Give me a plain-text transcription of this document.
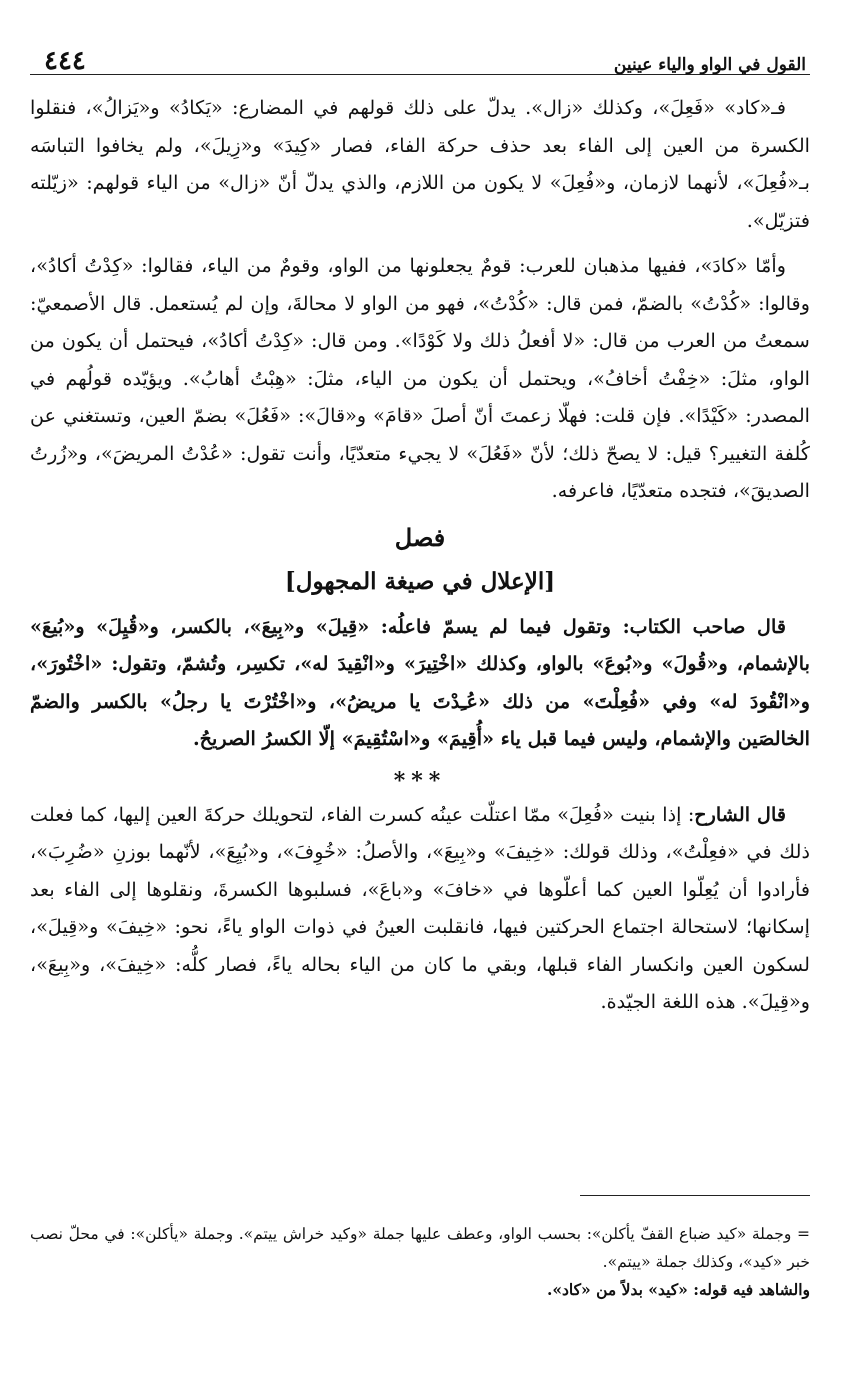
القول في الواو والياء عينين
٤٤٤

فـ«كاد» «فَعِلَ»، وكذلك «زال». يدلّ على ذلك قولهم في المضارع: «يَكادُ» و«يَزالُ»، فنقلوا الكسرة من العين إلى الفاء بعد حذف حركة الفاء، فصار «كِيدَ» و«زِيلَ»، ولم يخافوا التباسَه بـ«فُعِلَ»، لأنهما لازمان، و«فُعِلَ» لا يكون من اللازم، والذي يدلّ أنّ «زال» من الياء قولهم: «زيّلته فتزيّل».

وأمّا «كادَ»، ففيها مذهبان للعرب: قومٌ يجعلونها من الواو، وقومٌ من الياء، فقالوا: «كِدْتُ أكادُ»، وقالوا: «كُدْتُ» بالضمّ، فمن قال: «كُدْتُ»، فهو من الواو لا محالةَ، وإن لم يُستعمل. قال الأصمعيّ: سمعتُ من العرب من قال: «لا أفعلُ ذلك ولا كَوْدًا». ومن قال: «كِدْتُ أكادُ»، فيحتمل أن يكون من الواو، مثلَ: «خِفْتُ أخافُ»، ويحتمل أن يكون من الياء، مثلَ: «هِبْتُ أهابُ». ويؤيّده قولُهم في المصدر: «كَيْدًا». فإن قلت: فهلّا زعمتَ أنّ أصلَ «قامَ» و«قالَ»: «فَعُلَ» بضمّ العين، وتستغني عن كُلفة التغيير؟ قيل: لا يصحّ ذلك؛ لأنّ «فَعُلَ» لا يجيء متعدّيًا، وأنت تقول: «عُدْتُ المريضَ»، و«زُرتُ الصديقَ»، فتجده متعدّيًا، فاعرفه.

فصل
[الإعلال في صيغة المجهول]

قال صاحب الكتاب: وتقول فيما لم يسمّ فاعلُه: «قِيلَ» و«بِيعَ»، بالكسر، و«قُيِلَ» و«بُيعَ» بالإشمام، و«قُولَ» و«بُوعَ» بالواو، وكذلك «اخْتِيرَ» و«انْقِيدَ له»، تكسِر، وتُشمّ، وتقول: «اخْتُورَ»، و«انْقُودَ له» وفي «فُعِلْتَ» من ذلك «عُـِدْتَ يا مريضُ»، و«اخْتُرْتَ يا رجلُ» بالكسر والضمّ الخالصَين والإشمام، وليس فيما قبل ياء «أُقِيمَ» و«اسْتُقِيمَ» إلّا الكسرُ الصريحُ.

***

قال الشارح: إذا بنيت «فُعِلَ» ممّا اعتلّت عينُه كسرت الفاء، لتحويلك حركةَ العين إليها، كما فعلت ذلك في «فعِلْتُ»، وذلك قولك: «خِيفَ» و«بِيعَ»، والأصلُ: «خُوِفَ»، و«بُيِعَ»، لأنّهما بوزنِ «ضُرِبَ»، فأرادوا أن يُعِلّوا العين كما أعلّوها في «خافَ» و«باعَ»، فسلبوها الكسرةَ، ونقلوها إلى الفاء بعد إسكانها؛ لاستحالة اجتماع الحركتين فيها، فانقلبت العينُ في ذوات الواو ياءً، نحو: «خِيفَ» و«قِيلَ»، لسكون العين وانكسار الفاء قبلها، وبقي ما كان من الياء بحاله ياءً، فصار كلُّه: «خِيفَ»، و«بِيعَ»، و«قِيلَ». هذه اللغة الجيّدة.

= وجملة «كيد ضباع القفّ يأكلن»: بحسب الواو، وعطف عليها جملة «وكيد خراش ييتم». وجملة «يأكلن»: في محلّ نصب خبر «كيد»، وكذلك جملة «ييتم».

والشاهد فيه قوله: «كيد» بدلاً من «كاد».
